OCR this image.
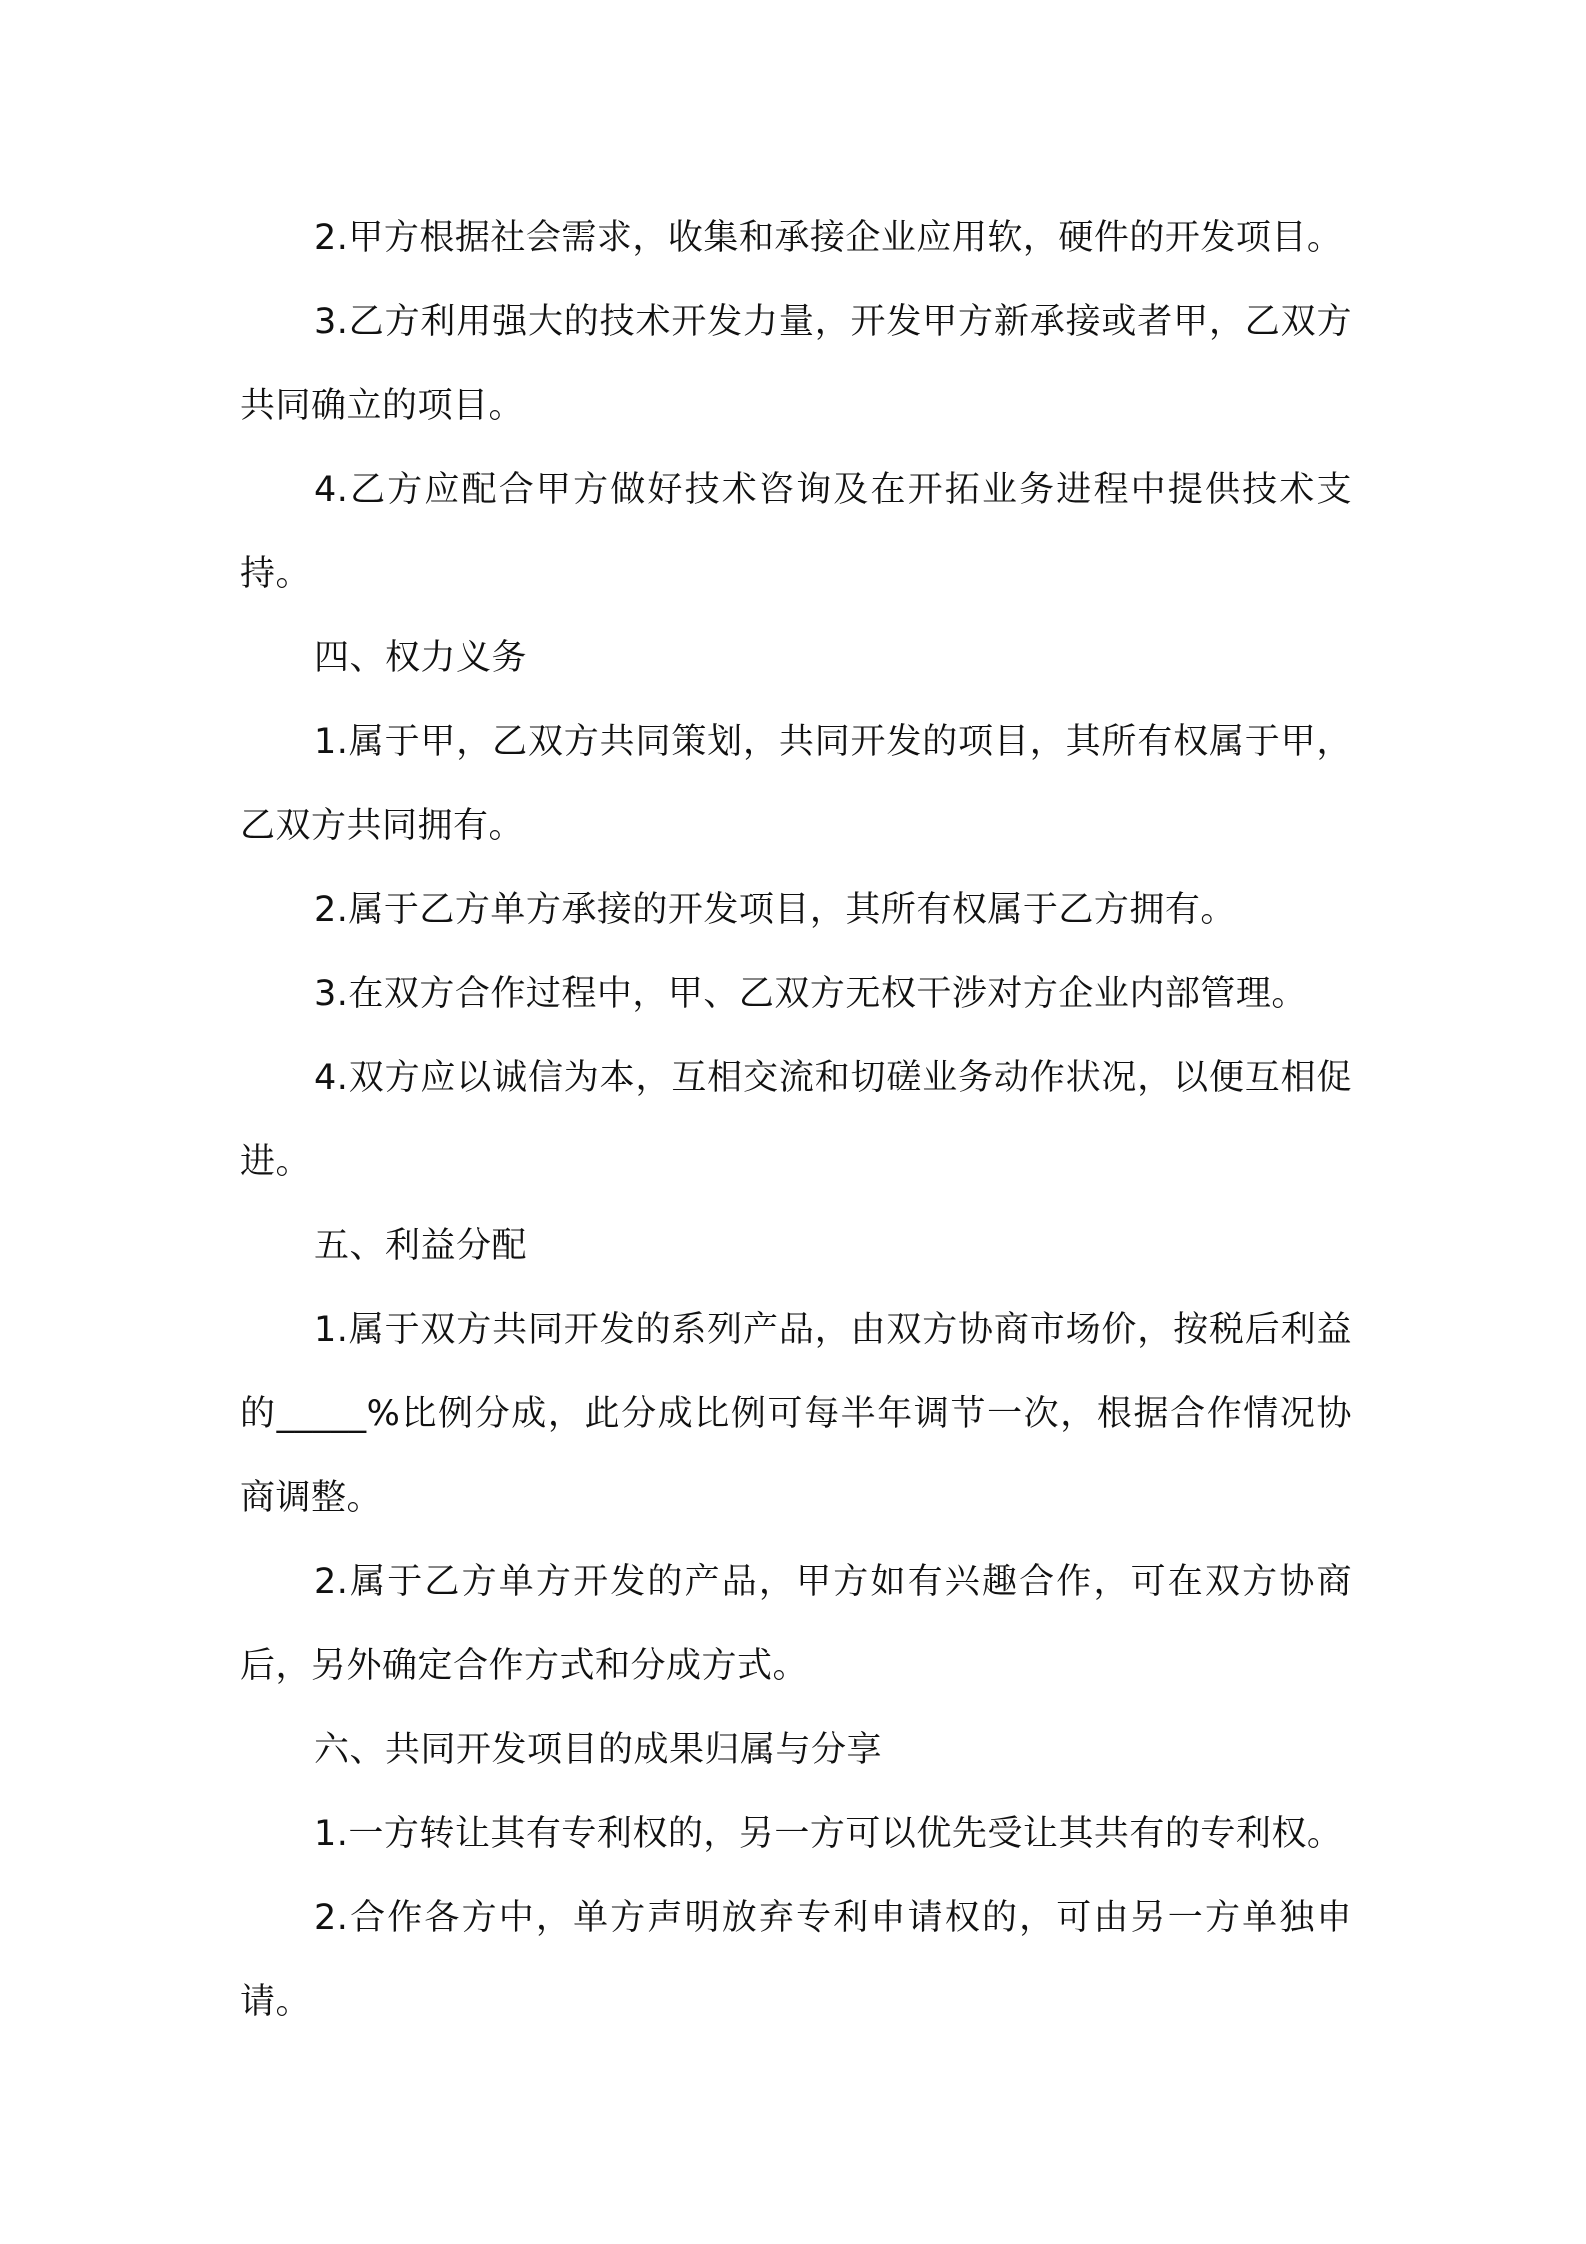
2.甲方根据社会需求，收集和承接企业应用软，硬件的开发项目。

3.乙方利用强大的技术开发力量，开发甲方新承接或者甲，乙双方共同确立的项目。

4.乙方应配合甲方做好技术咨询及在开拓业务进程中提供技术支持。

四、权力义务

1.属于甲，乙双方共同策划，共同开发的项目，其所有权属于甲，乙双方共同拥有。

2.属于乙方单方承接的开发项目，其所有权属于乙方拥有。

3.在双方合作过程中，甲、乙双方无权干涉对方企业内部管理。

4.双方应以诚信为本，互相交流和切磋业务动作状况，以便互相促进。

五、利益分配

1.属于双方共同开发的系列产品，由双方协商市场价，按税后利益的_____%比例分成，此分成比例可每半年调节一次，根据合作情况协商调整。

2.属于乙方单方开发的产品，甲方如有兴趣合作，可在双方协商后，另外确定合作方式和分成方式。

六、共同开发项目的成果归属与分享

1.一方转让其有专利权的，另一方可以优先受让其共有的专利权。

2.合作各方中，单方声明放弃专利申请权的，可由另一方单独申请。
